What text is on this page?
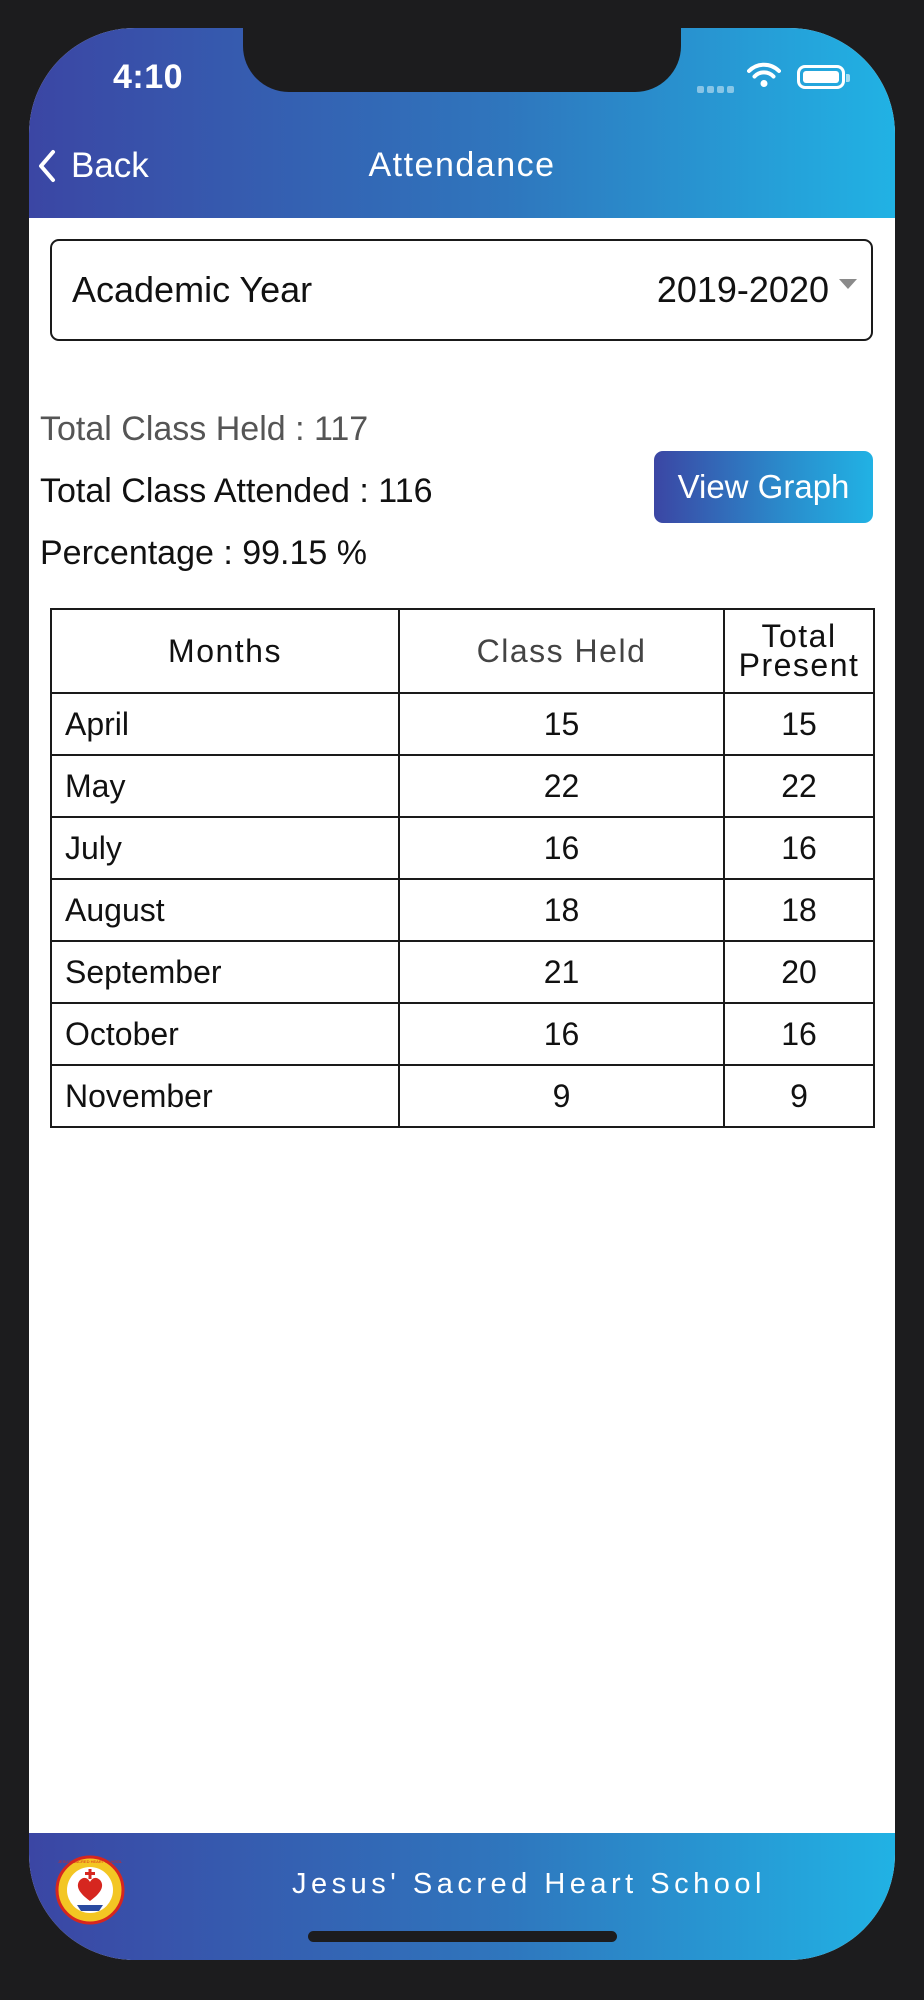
4:10
Back	Attendance
Academic Year	2019-2020
Total Class Held : 117
Total Class Attended : 116
Percentage : 99.15 %
View Graph
Months	Class Held	Total Present
April	15	15
May	22	22
July	16	16
August	18	18
September	21	20
October	16	16
November	9	9
JESUS' SACRED HEART SCHOOL
Jesus' Sacred Heart School
